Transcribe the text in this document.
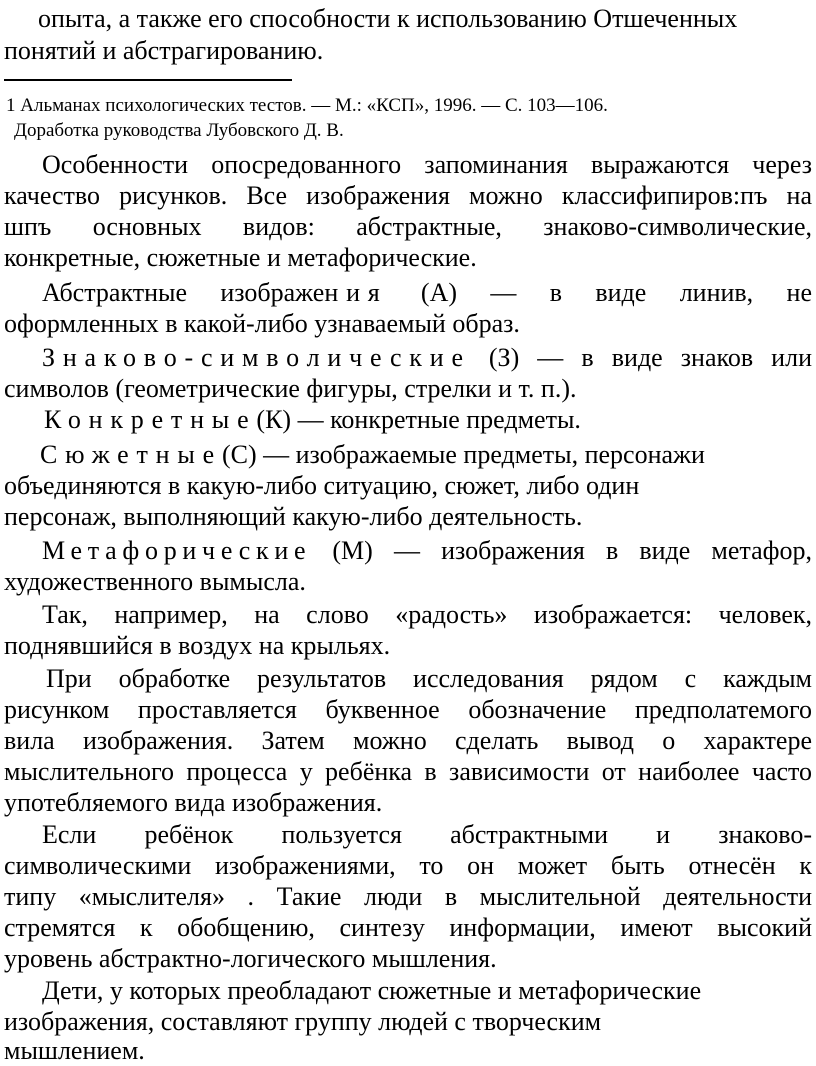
опыта, а также его способности к использованию Отшеченных
понятий и абстрагированию.
1 Альманах психологических тестов. — М.: «КСП», 1996. — С. 103—106.
Доработка руководства Лубовского Д. В.
Особенности опосредованного запоминания выражаются через
качество рисунков. Все изображения можно классифипиров:пъ на
шпъ основных видов: абстрактные, знаково-символические,
конкретные, сюжетные и метафорические.
Абстрактные изображения (А) — в виде линив, не
оформленных в какой-либо узнаваемый образ.
Знаково-символические (З) — в виде знаков или
символов (геометрические фигуры, стрелки и т. п.).
Конкретные(К) — конкретные предметы.
Сюжетные(С) — изображаемые предметы, персонажи
объединяются в какую-либо ситуацию, сюжет, либо один
персонаж, выполняющий какую-либо деятельность.
Метафорические (М) — изображения в виде метафор,
художественного вымысла.
Так, например, на слово «радость» изображается: человек,
поднявшийся в воздух на крыльях.
При обработке результатов исследования рядом с каждым
рисунком проставляется буквенное обозначение предполатемого
вила изображения. Затем можно сделать вывод о характере
мыслительного процесса у ребёнка в зависимости от наиболее часто
употебляемого вида изображения.
Если ребёнок пользуется абстрактными и знаково-
символическими изображениями, то он может быть отнесён к
типу «мыслителя» . Такие люди в мыслительной деятельности
стремятся к обобщению, синтезу информации, имеют высокий
уровень абстрактно-логического мышления.
Дети, у которых преобладают сюжетные и метафорические
изображения, составляют группу людей с творческим
мышлением.
